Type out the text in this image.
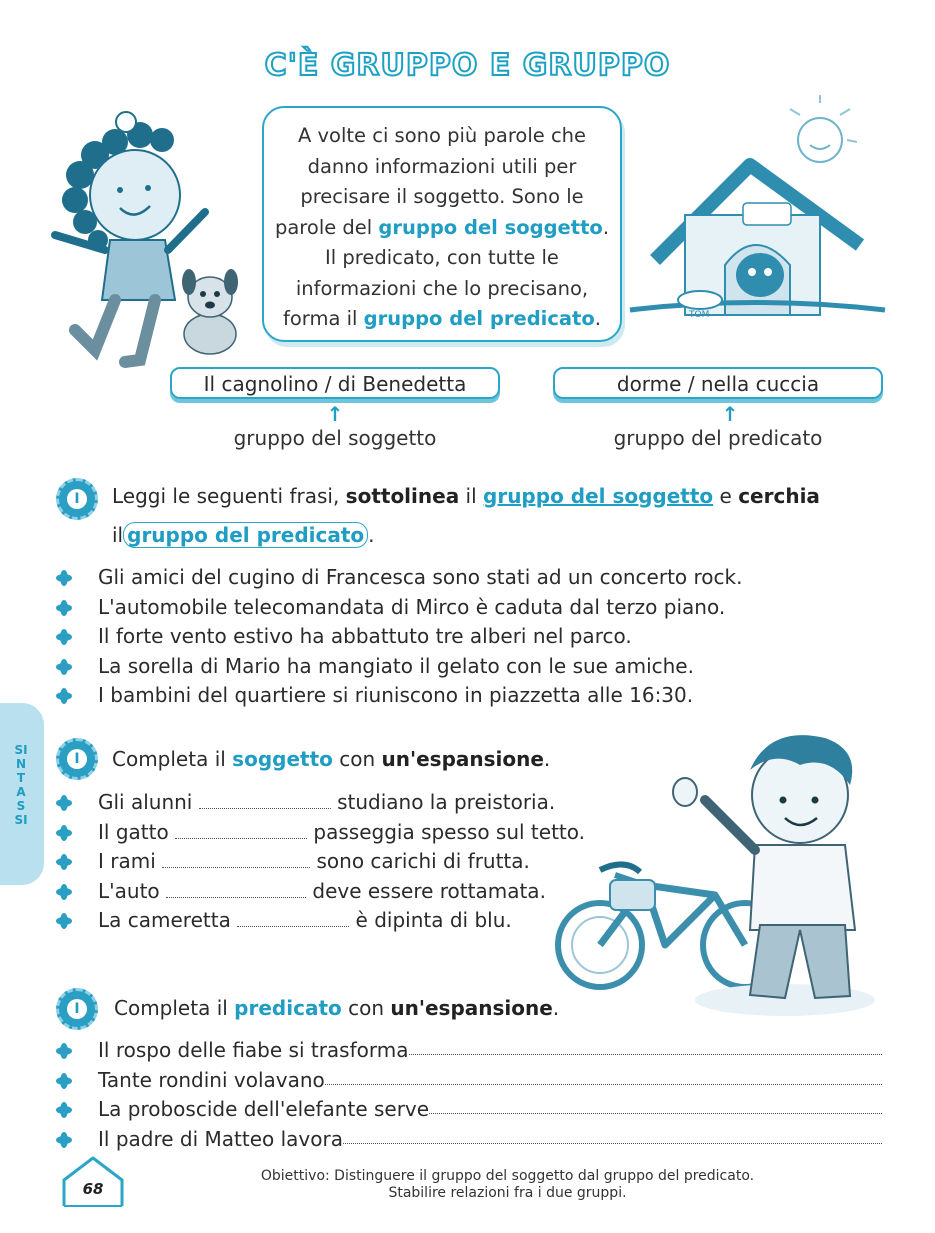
C'È GRUPPO E GRUPPO
TOM
A volte ci sono più parole che
danno informazioni utili per
precisare il soggetto. Sono le
parole del gruppo del soggetto.
Il predicato, con tutte le
informazioni che lo precisano,
forma il gruppo del predicato.
Il cagnolino / di Benedetta	dorme / nella cuccia
↑	↑
gruppo del soggetto	gruppo del predicato
I	Leggi le seguenti frasi, sottolinea il gruppo del soggetto e cerchia
il gruppo del predicato .
Gli amici del cugino di Francesca sono stati ad un concerto rock.
L'automobile telecomandata di Mirco è caduta dal terzo piano.
Il forte vento estivo ha abbattuto tre alberi nel parco.
La sorella di Mario ha mangiato il gelato con le sue amiche.
I bambini del quartiere si riuniscono in piazzetta alle 16:30.
SINTASSI
I	Completa il soggetto con un'espansione.
Gli alunni	studiano la preistoria.
Il gatto	passeggia spesso sul tetto.
I rami	sono carichi di frutta.
L'auto	deve essere rottamata.
La cameretta	è dipinta di blu.
I	Completa il predicato con un'espansione.
Il rospo delle fiabe si trasforma
Tante rondini volavano
La proboscide dell'elefante serve
Il padre di Matteo lavora
68
Obiettivo: Distinguere il gruppo del soggetto dal gruppo del predicato.
Stabilire relazioni fra i due gruppi.
